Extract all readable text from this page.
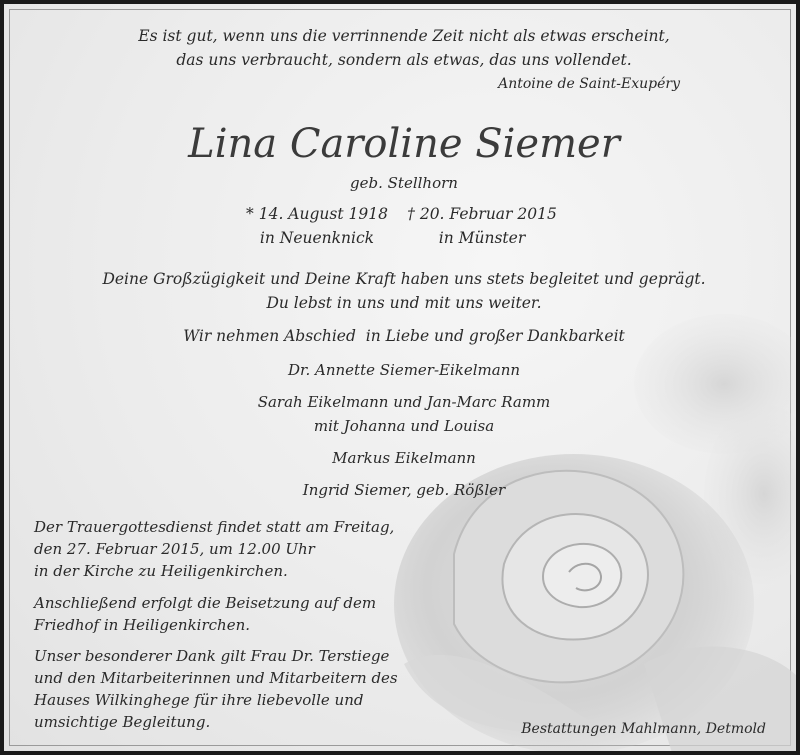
Es ist gut, wenn uns die verrinnende Zeit nicht als etwas erscheint,
das uns verbraucht, sondern als etwas, das uns vollendet.
Antoine de Saint-Exupéry
Lina Caroline Siemer
geb. Stellhorn
* 14. August 1918
in Neuenknick
† 20. Februar 2015
in Münster
Deine Großzügigkeit und Deine Kraft haben uns stets begleitet und geprägt.
Du lebst in uns und mit uns weiter.
Wir nehmen Abschied  in Liebe und großer Dankbarkeit

Dr. Annette Siemer-Eikelmann

Sarah Eikelmann und Jan-Marc Ramm
mit Johanna und Louisa

Markus Eikelmann

Ingrid Siemer, geb. Rößler

Der Trauergottesdienst findet statt am Freitag,
den 27. Februar 2015, um 12.00 Uhr
in der Kirche zu Heiligenkirchen.
Anschließend erfolgt die Beisetzung auf dem
Friedhof in Heiligenkirchen.
Unser besonderer Dank gilt Frau Dr. Terstiege
und den Mitarbeiterinnen und Mitarbeitern des
Hauses Wilkinghege für ihre liebevolle und
umsichtige Begleitung.	Bestattungen Mahlmann, Detmold
